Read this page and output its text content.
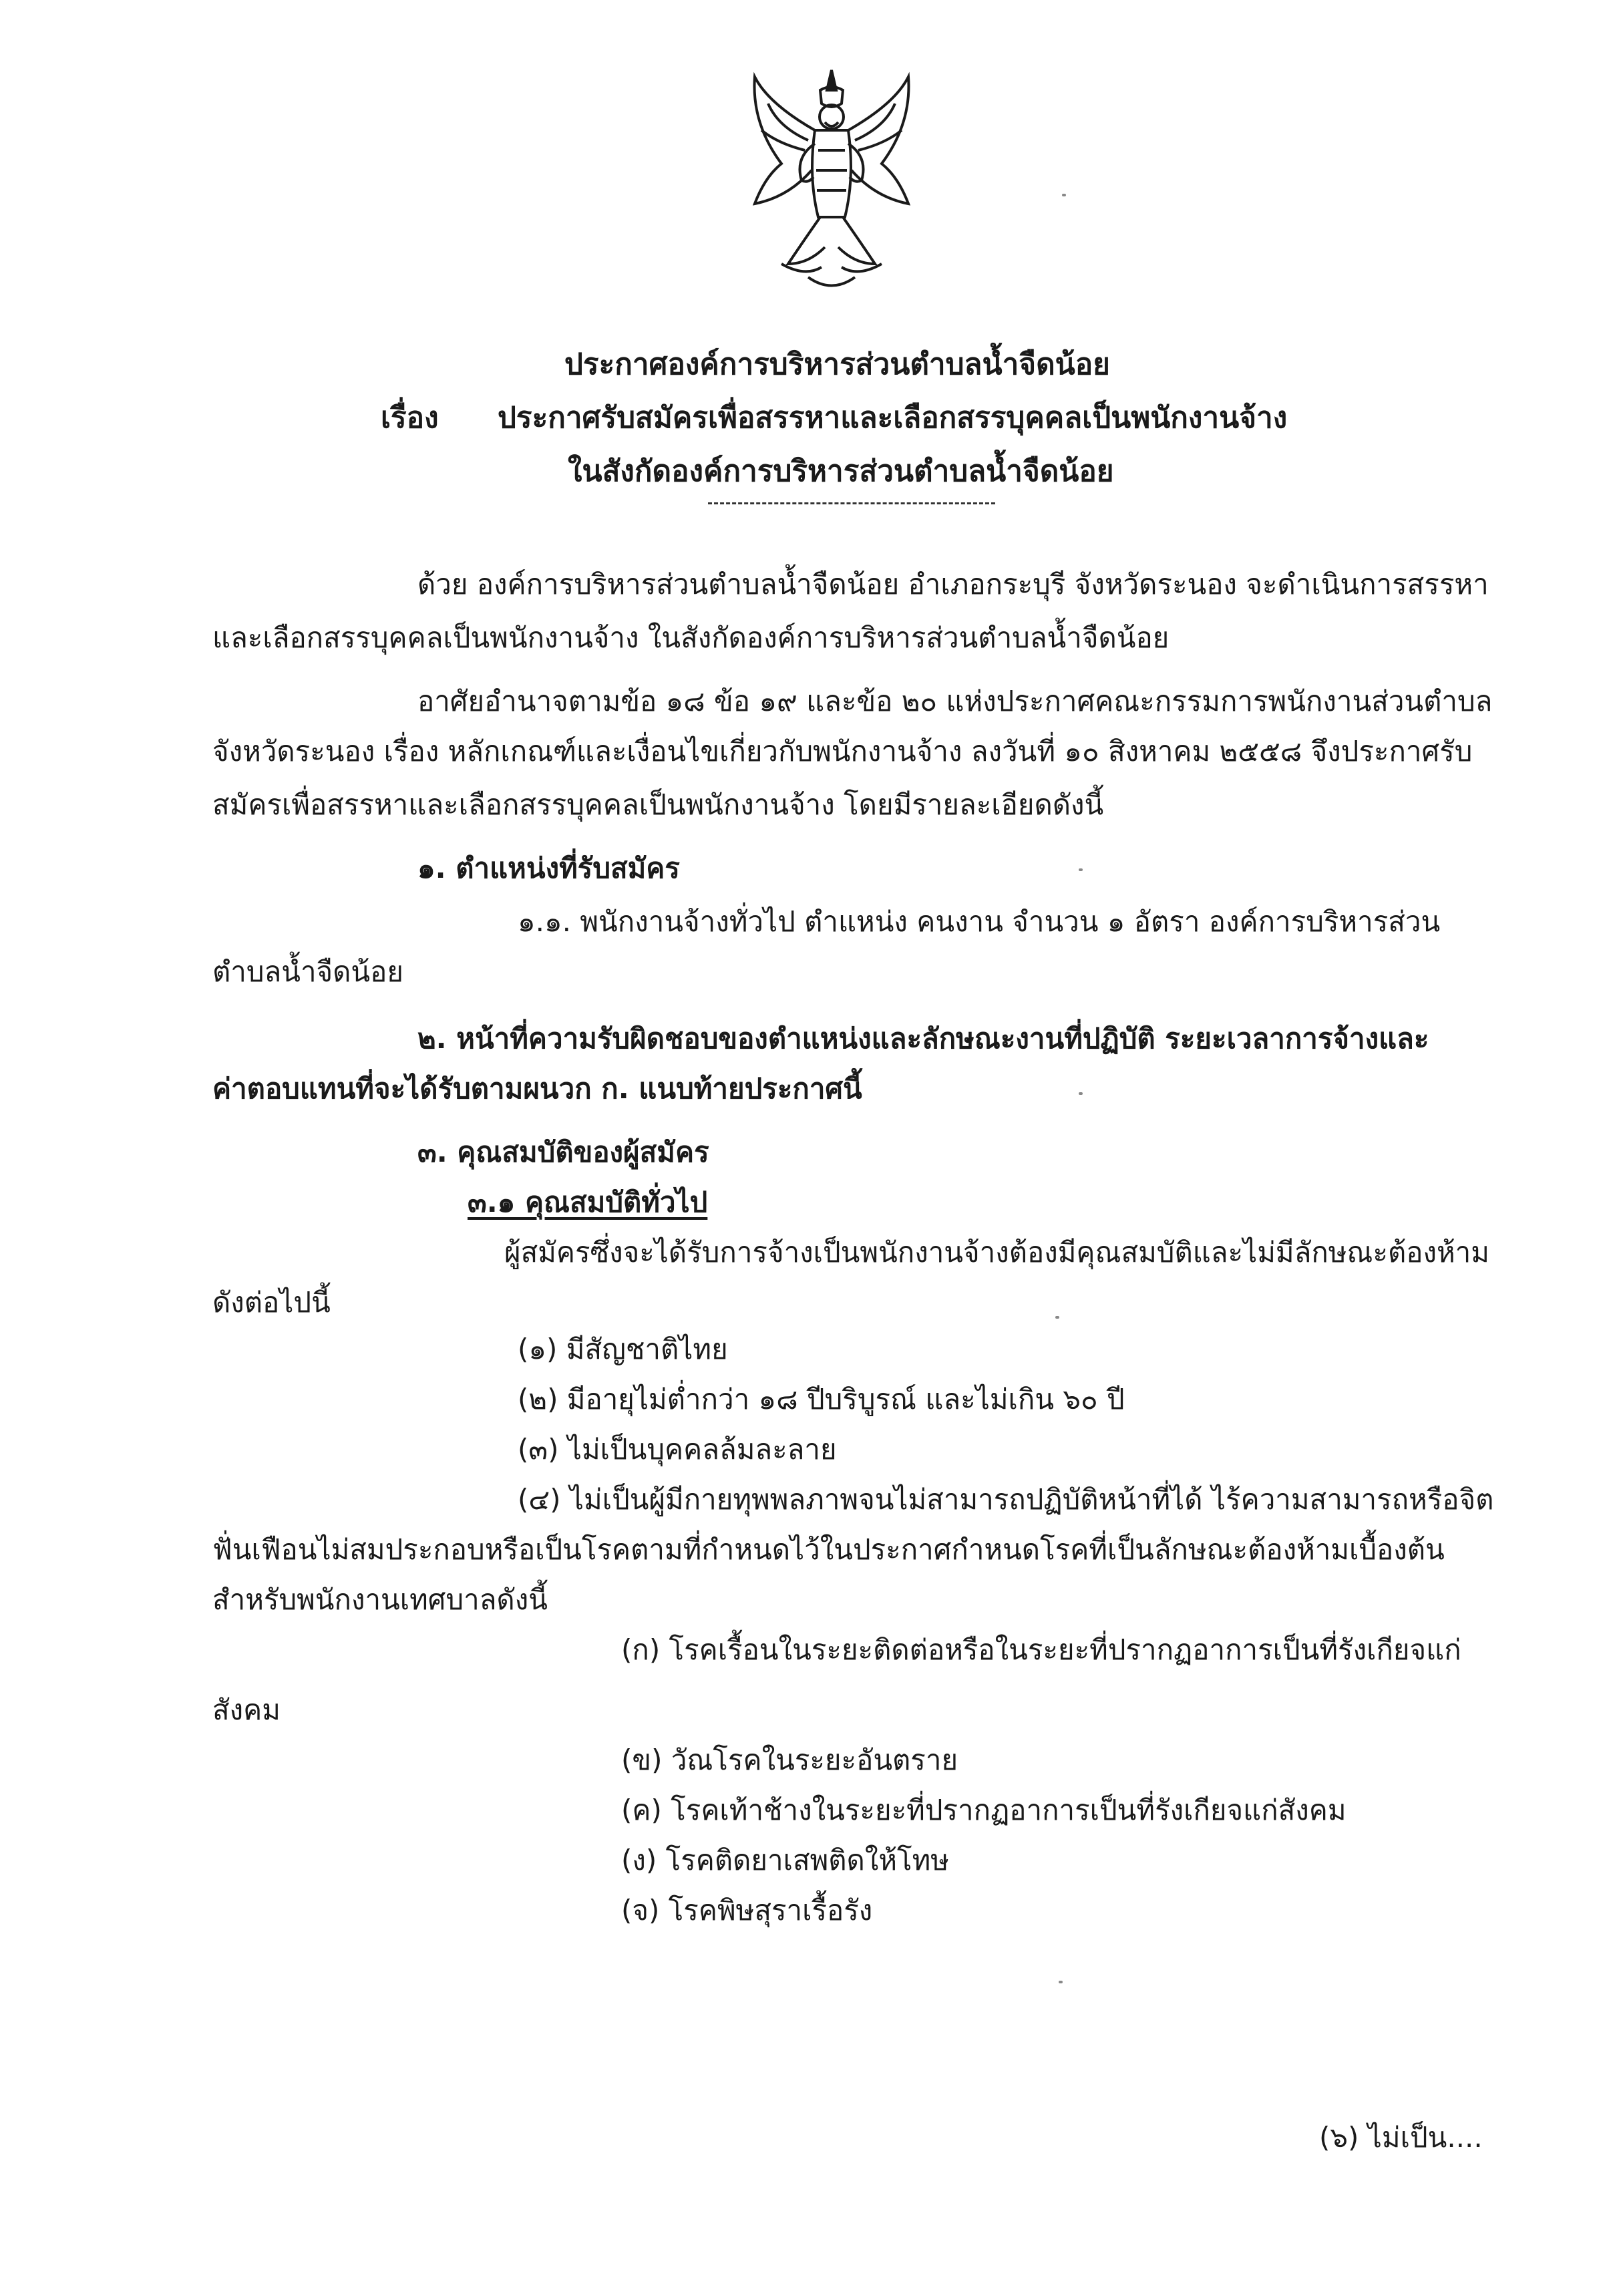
ประกาศองค์การบริหารส่วนตำบลน้ำจืดน้อย
เรื่อง ประกาศรับสมัครเพื่อสรรหาและเลือกสรรบุคคลเป็นพนักงานจ้าง
ในสังกัดองค์การบริหารส่วนตำบลน้ำจืดน้อย
ด้วย องค์การบริหารส่วนตำบลน้ำจืดน้อย อำเภอกระบุรี จังหวัดระนอง จะดำเนินการสรรหา
และเลือกสรรบุคคลเป็นพนักงานจ้าง ในสังกัดองค์การบริหารส่วนตำบลน้ำจืดน้อย
อาศัยอำนาจตามข้อ ๑๘ ข้อ ๑๙ และข้อ ๒๐ แห่งประกาศคณะกรรมการพนักงานส่วนตำบล
จังหวัดระนอง เรื่อง หลักเกณฑ์และเงื่อนไขเกี่ยวกับพนักงานจ้าง ลงวันที่ ๑๐ สิงหาคม ๒๕๕๘ จึงประกาศรับ
สมัครเพื่อสรรหาและเลือกสรรบุคคลเป็นพนักงานจ้าง โดยมีรายละเอียดดังนี้
๑. ตำแหน่งที่รับสมัคร
๑.๑. พนักงานจ้างทั่วไป ตำแหน่ง คนงาน จำนวน ๑ อัตรา องค์การบริหารส่วน
ตำบลน้ำจืดน้อย
๒. หน้าที่ความรับผิดชอบของตำแหน่งและลักษณะงานที่ปฏิบัติ ระยะเวลาการจ้างและ
ค่าตอบแทนที่จะได้รับตามผนวก ก. แนบท้ายประกาศนี้
๓. คุณสมบัติของผู้สมัคร
๓.๑ คุณสมบัติทั่วไป
ผู้สมัครซึ่งจะได้รับการจ้างเป็นพนักงานจ้างต้องมีคุณสมบัติและไม่มีลักษณะต้องห้าม
ดังต่อไปนี้
(๑) มีสัญชาติไทย
(๒) มีอายุไม่ต่ำกว่า ๑๘ ปีบริบูรณ์ และไม่เกิน ๖๐ ปี
(๓) ไม่เป็นบุคคลล้มละลาย
(๔) ไม่เป็นผู้มีกายทุพพลภาพจนไม่สามารถปฏิบัติหน้าที่ได้ ไร้ความสามารถหรือจิต
ฟั่นเฟือนไม่สมประกอบหรือเป็นโรคตามที่กำหนดไว้ในประกาศกำหนดโรคที่เป็นลักษณะต้องห้ามเบื้องต้น
สำหรับพนักงานเทศบาลดังนี้
(ก) โรคเรื้อนในระยะติดต่อหรือในระยะที่ปรากฏอาการเป็นที่รังเกียจแก่
สังคม
(ข) วัณโรคในระยะอันตราย
(ค) โรคเท้าช้างในระยะที่ปรากฏอาการเป็นที่รังเกียจแก่สังคม
(ง) โรคติดยาเสพติดให้โทษ
(จ) โรคพิษสุราเรื้อรัง
(๖) ไม่เป็น....
